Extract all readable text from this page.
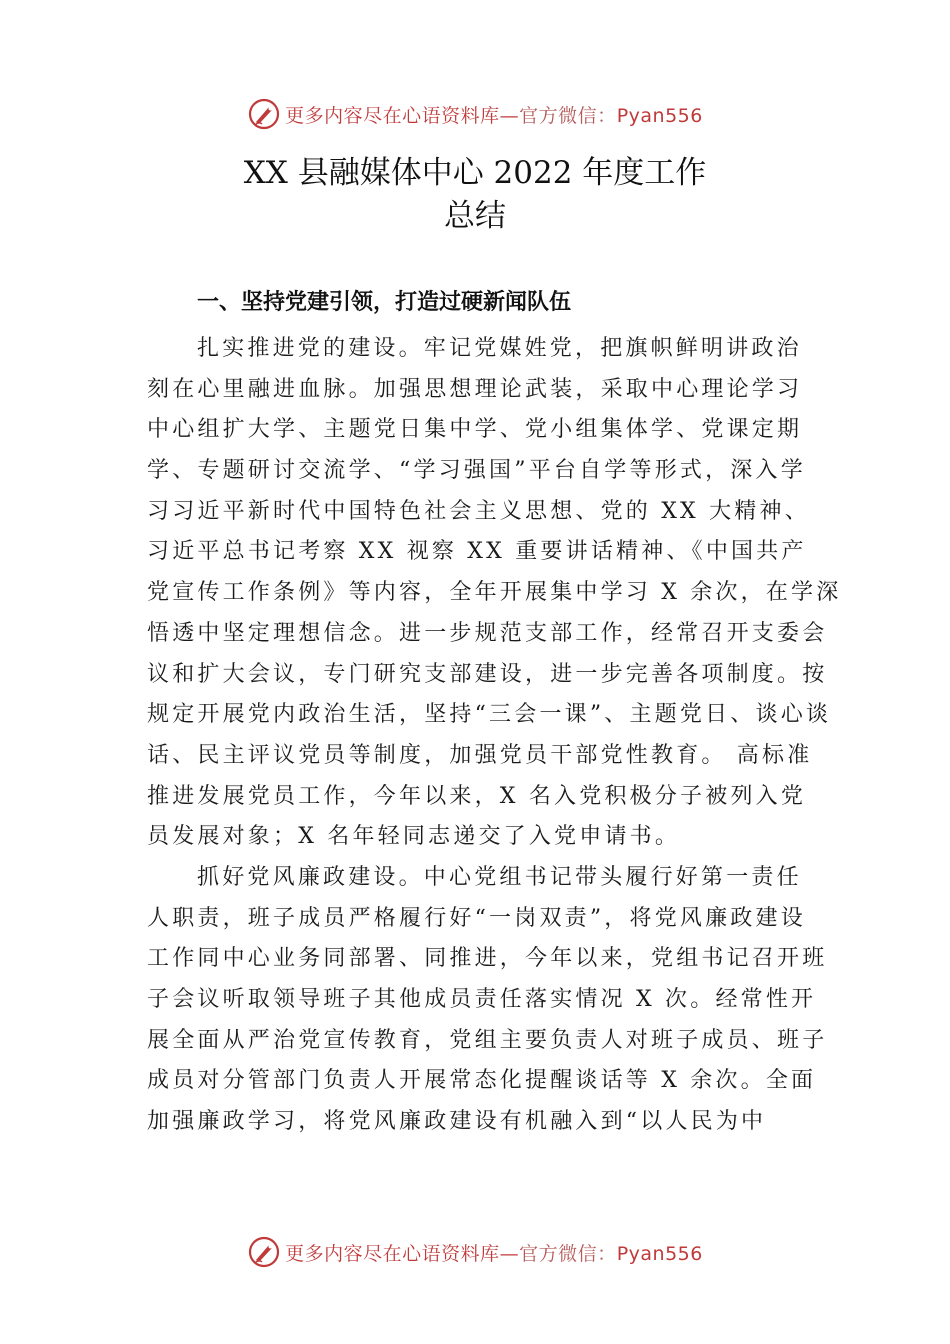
更多内容尽在心语资料库—官方微信：Pyan556
XX 县融媒体中心 2022 年度工作
总结
一、坚持党建引领，打造过硬新闻队伍
扎实推进党的建设。牢记党媒姓党，把旗帜鲜明讲政治
刻在心里融进血脉。加强思想理论武装，采取中心理论学习
中心组扩大学、主题党日集中学、党小组集体学、党课定期
学、专题研讨交流学、“学习强国”平台自学等形式，深入学
习习近平新时代中国特色社会主义思想、党的 XX 大精神、
习近平总书记考察 XX 视察 XX 重要讲话精神、《中国共产
党宣传工作条例》等内容，全年开展集中学习 X 余次，在学深
悟透中坚定理想信念。进一步规范支部工作，经常召开支委会
议和扩大会议，专门研究支部建设，进一步完善各项制度。按
规定开展党内政治生活，坚持“三会一课”、主题党日、谈心谈
话、民主评议党员等制度，加强党员干部党性教育。 高标准
推进发展党员工作，今年以来，X 名入党积极分子被列入党
员发展对象；X 名年轻同志递交了入党申请书。
抓好党风廉政建设。中心党组书记带头履行好第一责任
人职责，班子成员严格履行好“一岗双责”，将党风廉政建设
工作同中心业务同部署、同推进，今年以来，党组书记召开班
子会议听取领导班子其他成员责任落实情况 X 次。经常性开
展全面从严治党宣传教育，党组主要负责人对班子成员、班子
成员对分管部门负责人开展常态化提醒谈话等 X 余次。全面
加强廉政学习，将党风廉政建设有机融入到“以人民为中
更多内容尽在心语资料库—官方微信：Pyan556
